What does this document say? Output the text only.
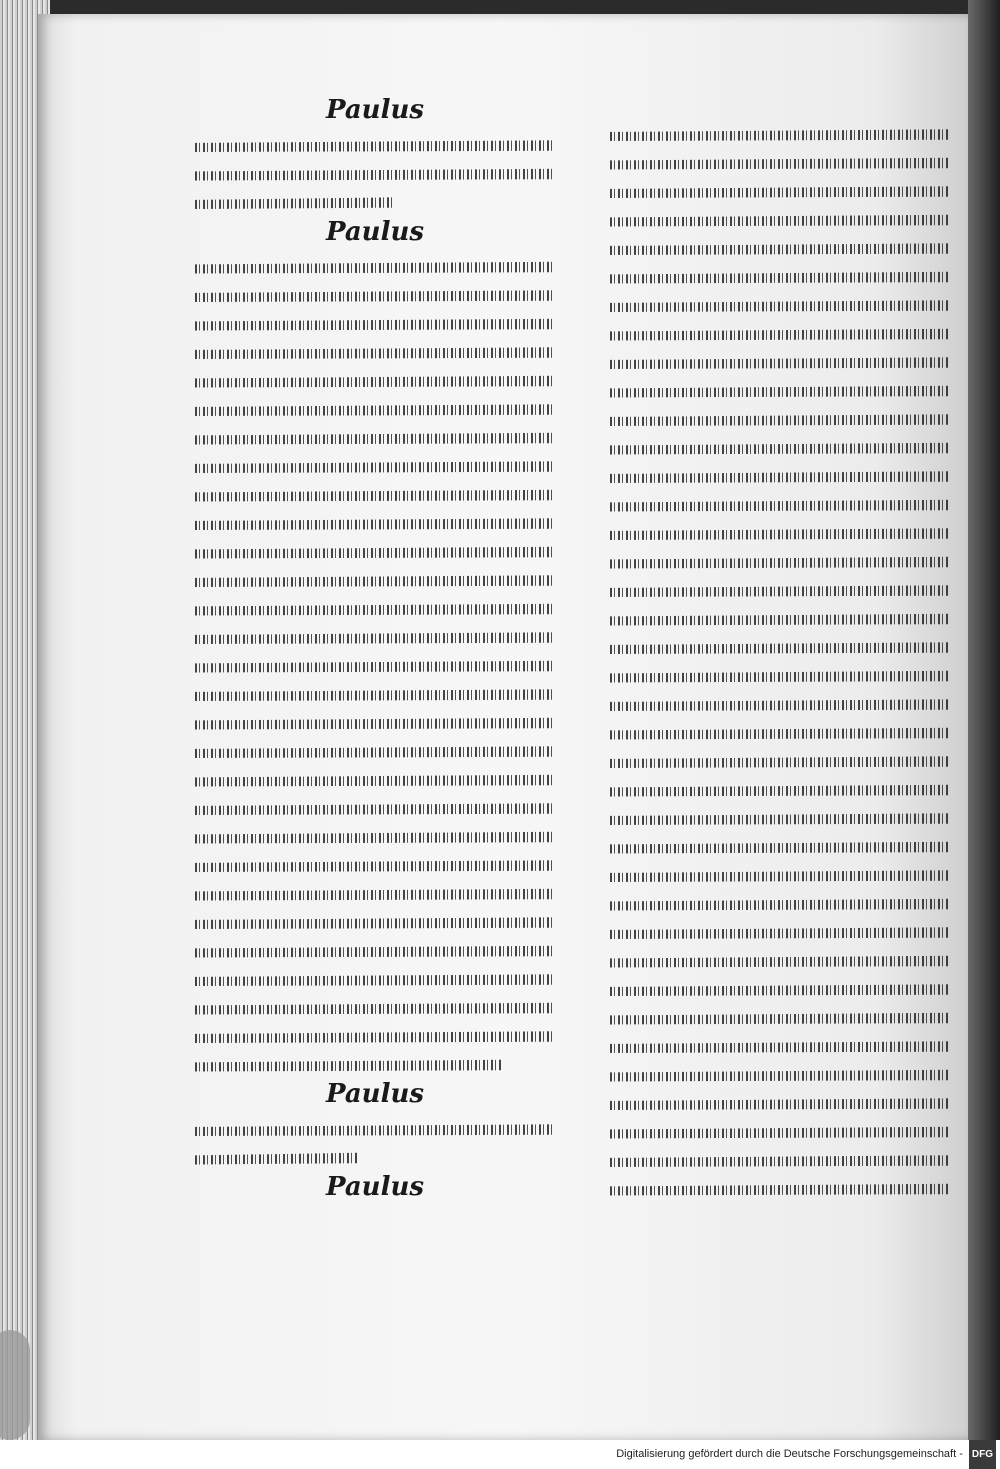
Paulus
Paulus
Paulus
Paulus
Digitalisierung gefördert durch die Deutsche Forschungsgemeinschaft - DFG
